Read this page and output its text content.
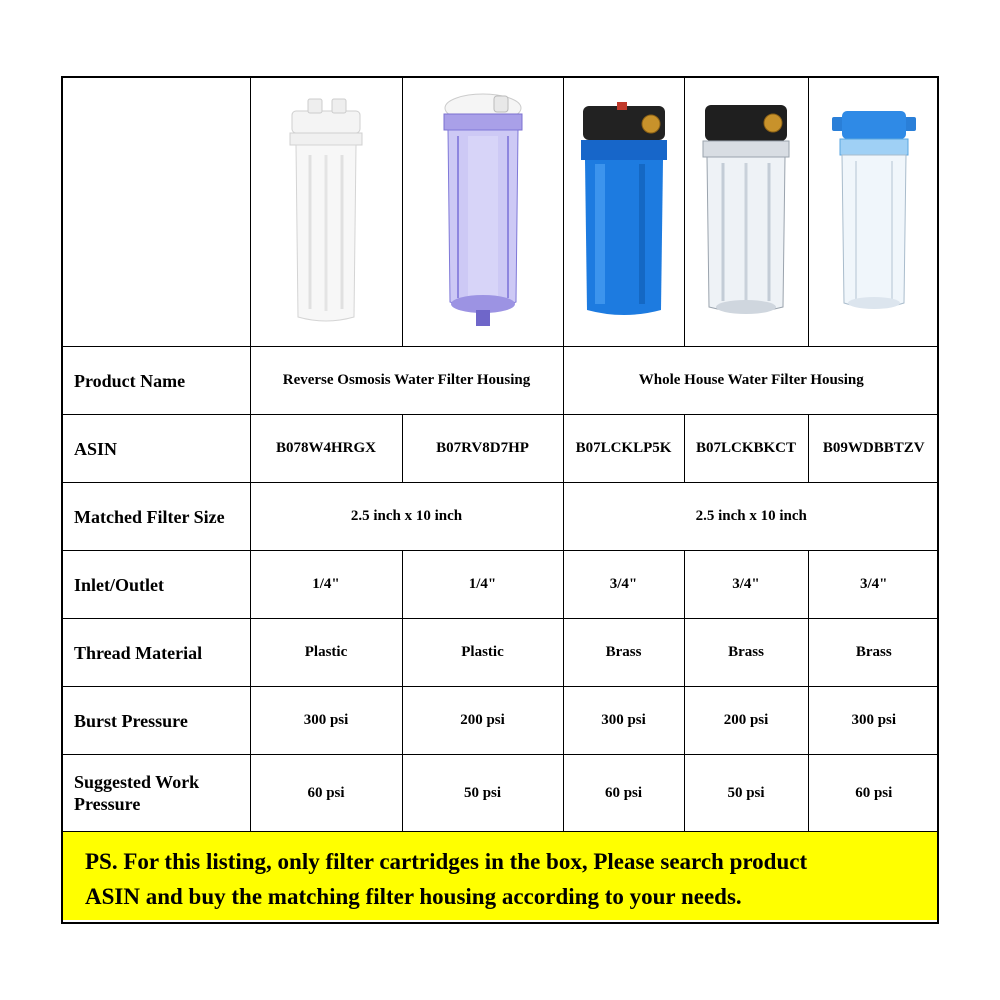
Product Name	Reverse Osmosis Water Filter Housing		Whole House Water Filter Housing		
ASIN	B078W4HRGX	B07RV8D7HP	B07LCKLP5K	B07LCKBKCT	B09WDBBTZV
Matched Filter Size	2.5 inch x 10 inch		2.5 inch x 10 inch		
Inlet/Outlet	1/4"	1/4"	3/4"	3/4"	3/4"
Thread Material	Plastic	Plastic	Brass	Brass	Brass
Burst Pressure	300 psi	200 psi	300 psi	200 psi	300 psi
Suggested Work Pressure	60 psi	50 psi	60 psi	50 psi	60 psi
PS. For this listing, only filter cartridges in the box, Please search product
ASIN and buy the matching filter housing according to your needs.
